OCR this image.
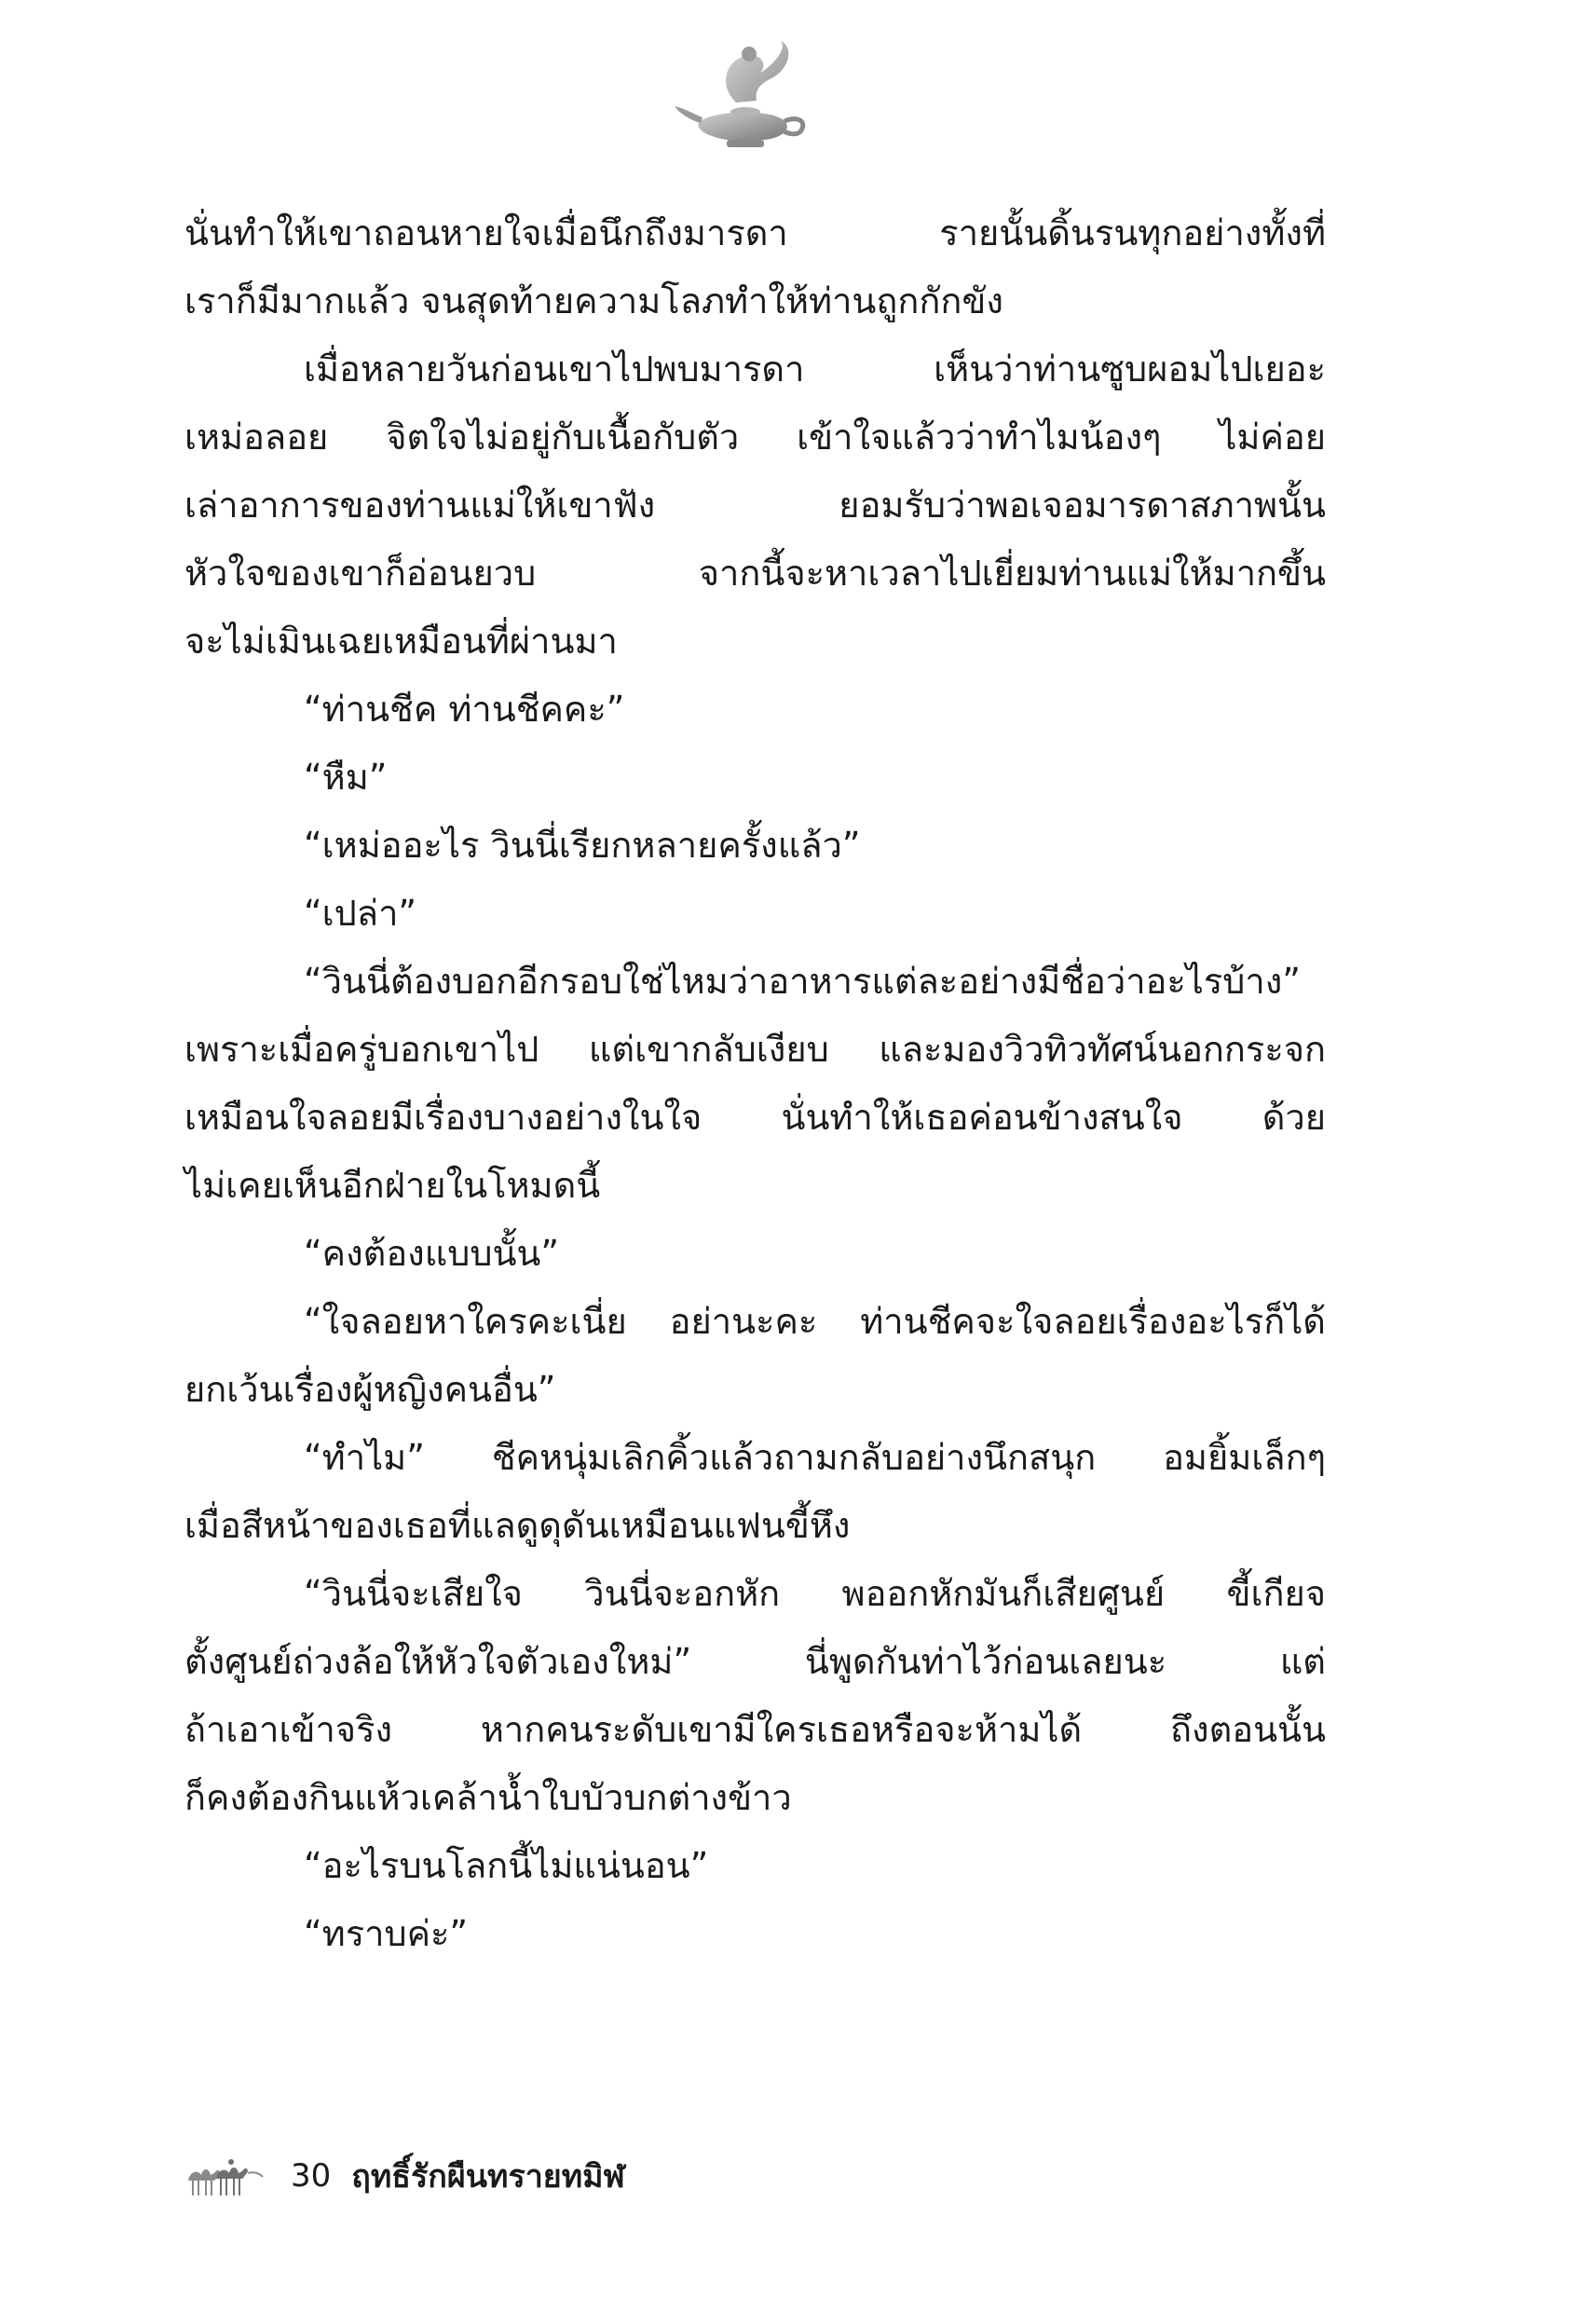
นั่นทำให้เขาถอนหายใจเมื่อนึกถึงมารดา รายนั้นดิ้นรนทุกอย่างทั้งที่
เราก็มีมากแล้ว จนสุดท้ายความโลภทำให้ท่านถูกกักขัง
เมื่อหลายวันก่อนเขาไปพบมารดา เห็นว่าท่านซูบผอมไปเยอะ
เหม่อลอย จิตใจไม่อยู่กับเนื้อกับตัว เข้าใจแล้วว่าทำไมน้องๆ ไม่ค่อย
เล่าอาการของท่านแม่ให้เขาฟัง ยอมรับว่าพอเจอมารดาสภาพนั้น
หัวใจของเขาก็อ่อนยวบ จากนี้จะหาเวลาไปเยี่ยมท่านแม่ให้มากขึ้น
จะไม่เมินเฉยเหมือนที่ผ่านมา
“ท่านชีค ท่านชีคคะ”
“หืม”
“เหม่ออะไร วินนี่เรียกหลายครั้งแล้ว”
“เปล่า”
“วินนี่ต้องบอกอีกรอบใช่ไหมว่าอาหารแต่ละอย่างมีชื่อว่าอะไรบ้าง”
เพราะเมื่อครู่บอกเขาไป แต่เขากลับเงียบ และมองวิวทิวทัศน์นอกกระจก
เหมือนใจลอยมีเรื่องบางอย่างในใจ นั่นทำให้เธอค่อนข้างสนใจ ด้วย
ไม่เคยเห็นอีกฝ่ายในโหมดนี้
“คงต้องแบบนั้น”
“ใจลอยหาใครคะเนี่ย อย่านะคะ ท่านชีคจะใจลอยเรื่องอะไรก็ได้
ยกเว้นเรื่องผู้หญิงคนอื่น”
“ทำไม” ชีคหนุ่มเลิกคิ้วแล้วถามกลับอย่างนึกสนุก อมยิ้มเล็กๆ
เมื่อสีหน้าของเธอที่แลดูดุดันเหมือนแฟนขี้หึง
“วินนี่จะเสียใจ วินนี่จะอกหัก พออกหักมันก็เสียศูนย์ ขี้เกียจ
ตั้งศูนย์ถ่วงล้อให้หัวใจตัวเองใหม่” นี่พูดกันท่าไว้ก่อนเลยนะ แต่
ถ้าเอาเข้าจริง หากคนระดับเขามีใครเธอหรือจะห้ามได้ ถึงตอนนั้น
ก็คงต้องกินแห้วเคล้าน้ำใบบัวบกต่างข้าว
“อะไรบนโลกนี้ไม่แน่นอน”
“ทราบค่ะ”
30 ฤทธิ์รักผืนทรายทมิฬ
